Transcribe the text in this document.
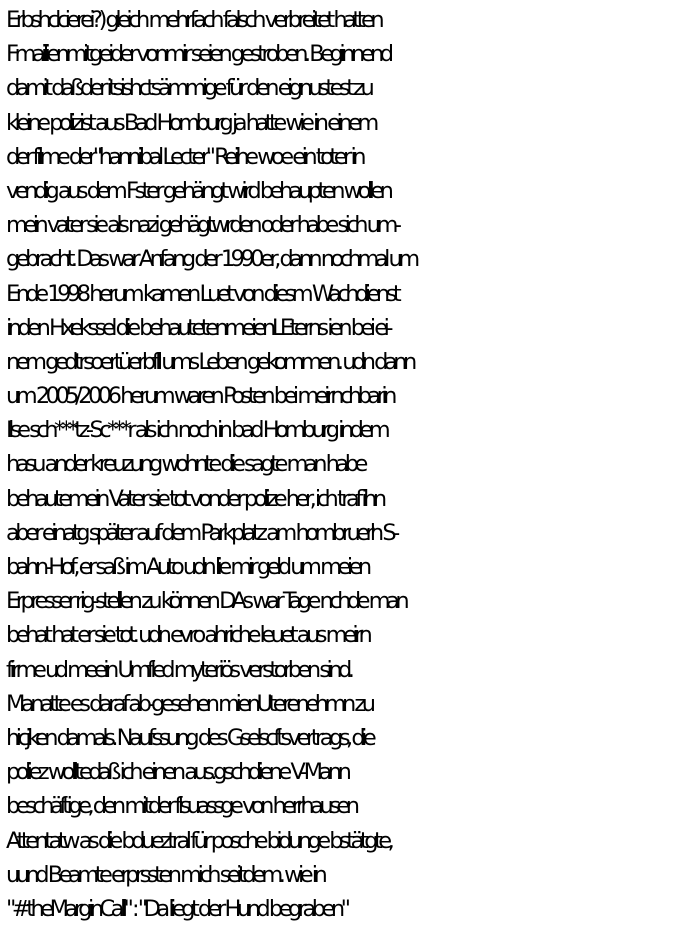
Erbshclcierei?) gleich mehrfach falsch verbreitet hatten
Fmailienmitgeider vonmir seien gestroben. Beginnend
damit daßder itsishctsämmige für den eignustest zu
kleine polizist aus Bad Homburg ja hatte wie in einem
der filme der"hannibal Lecter" Reihe woe ein toter in
vendig aus dem Fster gehängt wird behaupten wollen
mein vater sie als nazi gehägtwrden oder habe sich um-
gebracht. Das war Anfang der 1990er, dann nochmal um
Ende 1998 herum kamen Luet von diesm Wachdienst
inden Hxekssel die behautetenmeienLEterns ien bei ei-
nem gedtrsoertüerbfll ums Leben gekommen. udn dann
um 2005/2006 herum waren Posten bei meirnchbarin
Ilse sch***tz-Sc***r als ich noch in bad Homburg indem
hasu ander kreuzung wohnte die sagte man habe
behautemein Vater sie tot vonder polize her, ich traf ihn
aber einatg später auf dem Parkplatz am hombruerh S-
bahn-Hof, er saß im Auto udn lie mir geld um meien
Erpresser rig-stellen zu können DAs war Tage nchde man
behat hat er sie tot. udn evro ahriche leuet aus meirn
firme ud meein Umfled myteriös verstorben sind.
Manatte es daraf ab-gesehen mienUterenehmn zu
hicjken damals. Naufssung des Gselscftsvertrags, die
poliez wolltedaß ich einen aus.gschdiene V-Mann
beschäftige, den mitder flsuassge von herrhausen
Attentatw as die bdueztral für posche bidunge bstätgte,
uund Beamte erprssten mich seitdem. wie in
"#theMarginCall" : "Da liegt der Hund begraben"
